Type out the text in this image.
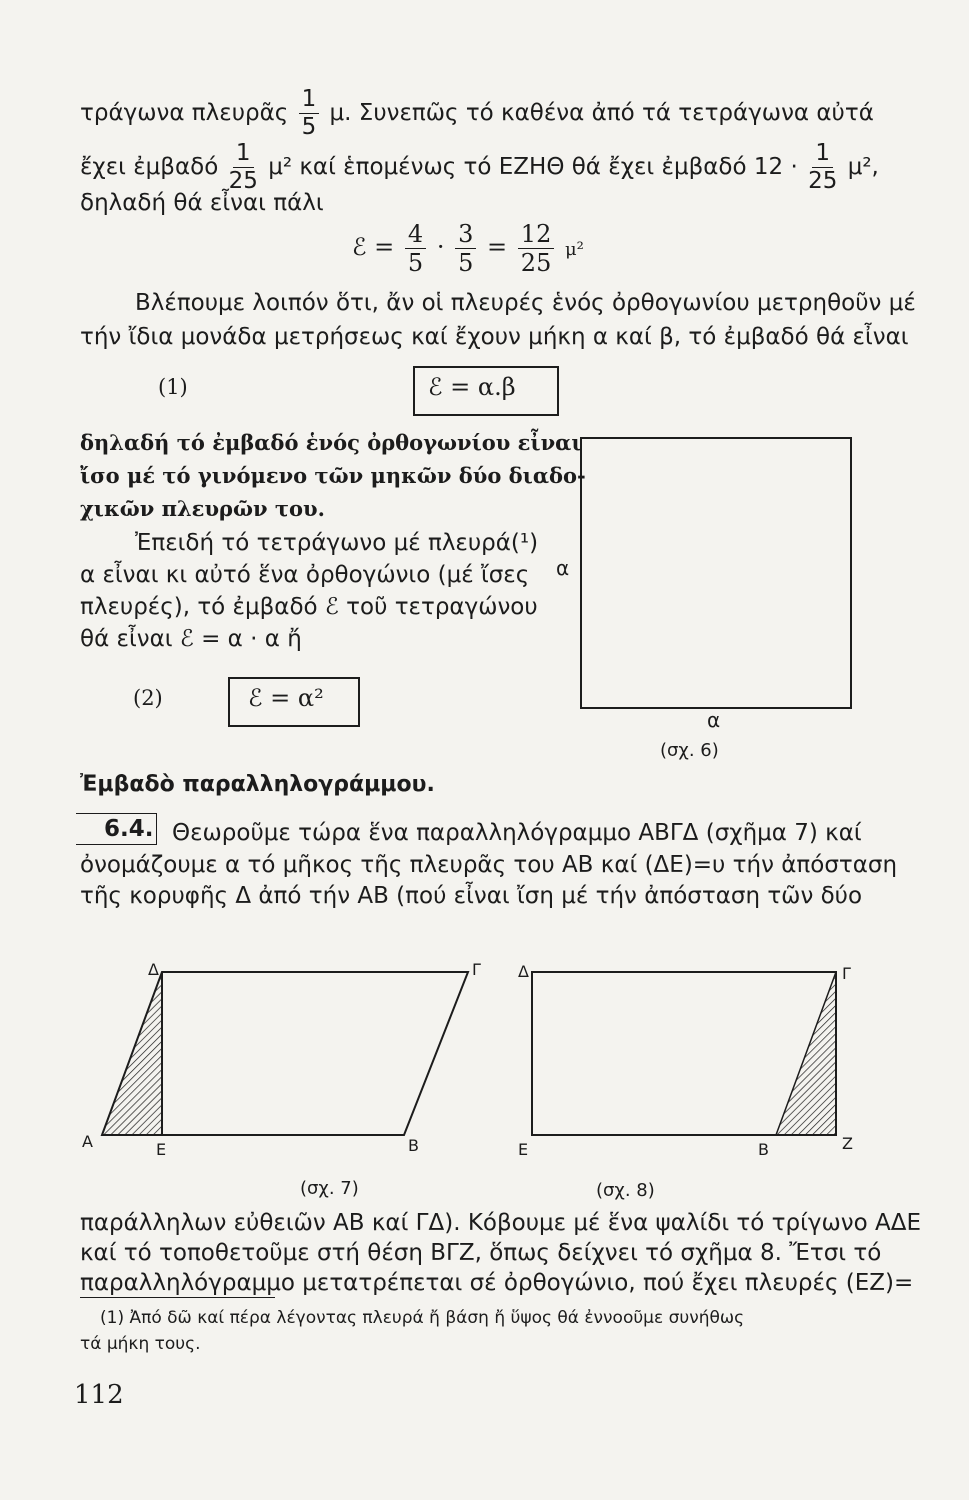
τράγωνα πλευρᾶς $\frac{1}{5} \mu$. Συνεπῶς τό καθένα ἀπό τά τετράγωνα αὐτά
ἔχει ἐμβαδό $\frac{1}{25} \mu^2$ καί ἑπομένως τό ΕΖΗΘ θά ἔχει ἐμβαδό $12 \cdot \frac{1}{25} \mu^2$,
δηλαδή θά εἶναι πάλι
ℰ = $\frac{4}{5} \cdot \frac{3}{5} = \frac{12}{25} \mu^2$
Βλέπουμε λοιπόν ὅτι, ἄν οἱ πλευρές ἑνός ὀρθογωνίου μετρηθοῦν μέ
τήν ἴδια μονάδα μετρήσεως καί ἔχουν μήκη α καί β, τό ἐμβαδό θά εἶναι
(1)	ℰ = α.β
δηλαδή τό ἐμβαδό ἑνός ὀρθογωνίου εἶναι
ἴσο μέ τό γινόμενο τῶν μηκῶν δύο διαδο-
χικῶν πλευρῶν του.
Ἐπειδή τό τετράγωνο μέ πλευρά(¹)
α εἶναι κι αὐτό ἕνα ὀρθογώνιο (μέ ἴσες
πλευρές), τό ἐμβαδό ℰ τοῦ τετραγώνου
θά εἶναι ℰ = α · α ἤ
(2)	ℰ = α²
α
α
(σχ. 6)
Ἐμβαδὸ παραλληλογράμμου.
6.4. Θεωροῦμε τώρα ἕνα παραλληλόγραμμο ΑΒΓΔ (σχῆμα 7) καί
ὀνομάζουμε α τό μῆκος τῆς πλευρᾶς του ΑΒ καί (ΔΕ)=υ τήν ἀπόσταση
τῆς κορυφῆς Δ ἀπό τήν ΑΒ (πού εἶναι ἴση μέ τήν ἀπόσταση τῶν δύο
Δ	Γ
Α	Ε	Β
(σχ. 7)
Δ	Γ
Ε	Β	Ζ
(σχ. 8)
παράλληλων εὐθειῶν ΑΒ καί ΓΔ). Κόβουμε μέ ἕνα ψαλίδι τό τρίγωνο ΑΔΕ
καί τό τοποθετοῦμε στή θέση ΒΓΖ, ὅπως δείχνει τό σχῆμα 8. Ἔτσι τό
παραλληλόγραμμο μετατρέπεται σέ ὀρθογώνιο, πού ἔχει πλευρές (ΕΖ)=
(1) Ἀπό δῶ καί πέρα λέγοντας πλευρά ἤ βάση ἤ ὕψος θά ἐννοοῦμε συνήθως
τά μήκη τους.
112
